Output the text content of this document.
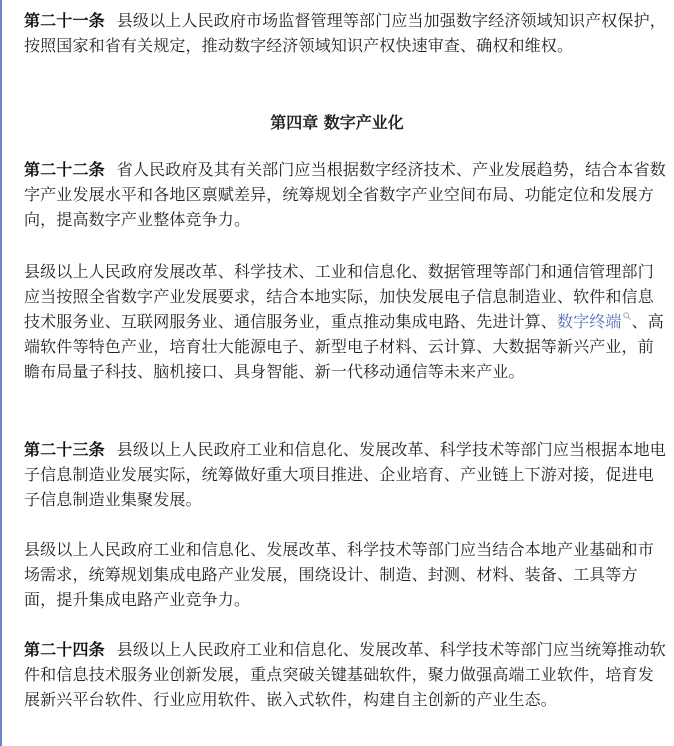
第二十一条 县级以上人民政府市场监督管理等部门应当加强数字经济领域知识产权保护，按照国家和省有关规定，推动数字经济领域知识产权快速审查、确权和维权。

第四章 数字产业化

第二十二条 省人民政府及其有关部门应当根据数字经济技术、产业发展趋势，结合本省数字产业发展水平和各地区禀赋差异，统筹规划全省数字产业空间布局、功能定位和发展方向，提高数字产业整体竞争力。

县级以上人民政府发展改革、科学技术、工业和信息化、数据管理等部门和通信管理部门应当按照全省数字产业发展要求，结合本地实际，加快发展电子信息制造业、软件和信息技术服务业、互联网服务业、通信服务业，重点推动集成电路、先进计算、数字终端 、高端软件等特色产业，培育壮大能源电子、新型电子材料、云计算、大数据等新兴产业，前瞻布局量子科技、脑机接口、具身智能、新一代移动通信等未来产业。

第二十三条 县级以上人民政府工业和信息化、发展改革、科学技术等部门应当根据本地电子信息制造业发展实际，统筹做好重大项目推进、企业培育、产业链上下游对接，促进电子信息制造业集聚发展。

县级以上人民政府工业和信息化、发展改革、科学技术等部门应当结合本地产业基础和市场需求，统筹规划集成电路产业发展，围绕设计、制造、封测、材料、装备、工具等方面，提升集成电路产业竞争力。

第二十四条 县级以上人民政府工业和信息化、发展改革、科学技术等部门应当统筹推动软件和信息技术服务业创新发展，重点突破关键基础软件，聚力做强高端工业软件，培育发展新兴平台软件、行业应用软件、嵌入式软件，构建自主创新的产业生态。
